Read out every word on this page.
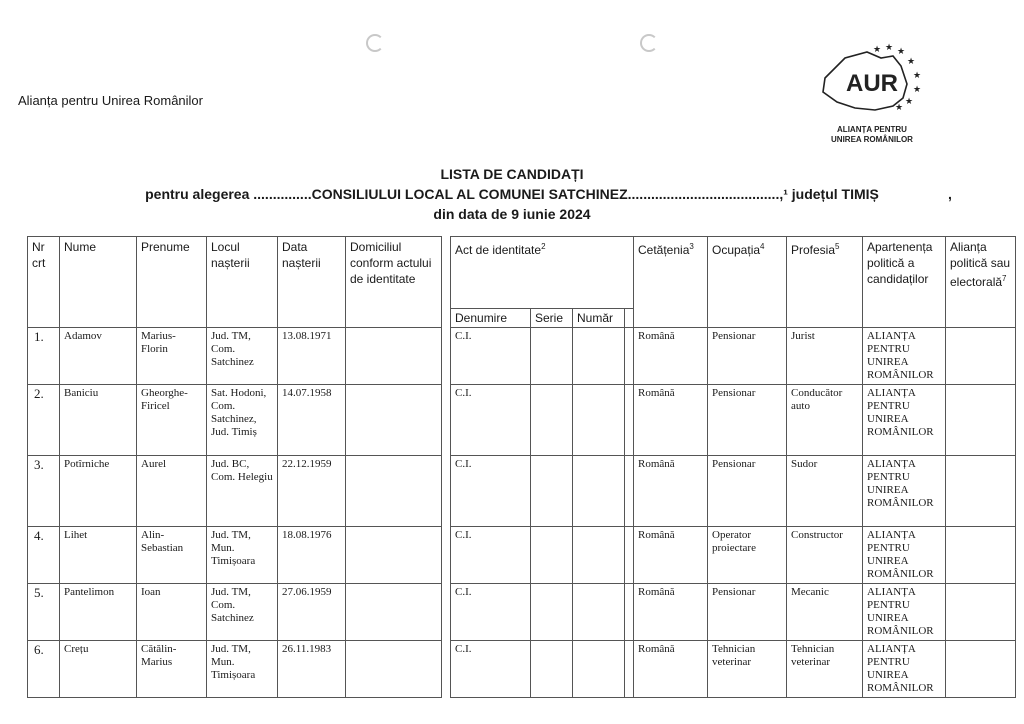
Alianța pentru Unirea Românilor
AUR
★ ★ ★
★
★
★
★
★
ALIANȚA PENTRU
UNIREA ROMÂNILOR
LISTA DE CANDIDAȚI
pentru alegerea ...............CONSILIULUI LOCAL AL COMUNEI SATCHINEZ.......................................,¹ județul TIMIȘ	,
din data de 9 iunie 2024
Nr crt	Nume	Prenume	Locul nașterii	Data nașterii	Domiciliul conform actului de identitate		Act de identitate$^2$				Cetățenia$^3$	Ocupația$^4$	Profesia$^5$	Apartenența politică a candidaților	Alianța politică sau electorală$^7$
							Denumire	Serie	Număr						
1.	Adamov	Marius-Florin	Jud. TM, Com. Satchinez	13.08.1971			C.I.				Română	Pensionar	Jurist	ALIANȚA PENTRU UNIREA ROMÂNILOR	
2.	Baniciu	Gheorghe-Firicel	Sat. Hodoni, Com. Satchinez, Jud. Timiș	14.07.1958			C.I.				Română	Pensionar	Conducător auto	ALIANȚA PENTRU UNIREA ROMÂNILOR	
3.	Potîrniche	Aurel	Jud. BC, Com. Helegiu	22.12.1959			C.I.				Română	Pensionar	Sudor	ALIANȚA PENTRU UNIREA ROMÂNILOR	
4.	Lihet	Alin-Sebastian	Jud. TM, Mun. Timișoara	18.08.1976			C.I.				Română	Operator proiectare	Constructor	ALIANȚA PENTRU UNIREA ROMÂNILOR	
5.	Pantelimon	Ioan	Jud. TM, Com. Satchinez	27.06.1959			C.I.				Română	Pensionar	Mecanic	ALIANȚA PENTRU UNIREA ROMÂNILOR	
6.	Crețu	Cătălin-Marius	Jud. TM, Mun. Timișoara	26.11.1983			C.I.				Română	Tehnician veterinar	Tehnician veterinar	ALIANȚA PENTRU UNIREA ROMÂNILOR	
